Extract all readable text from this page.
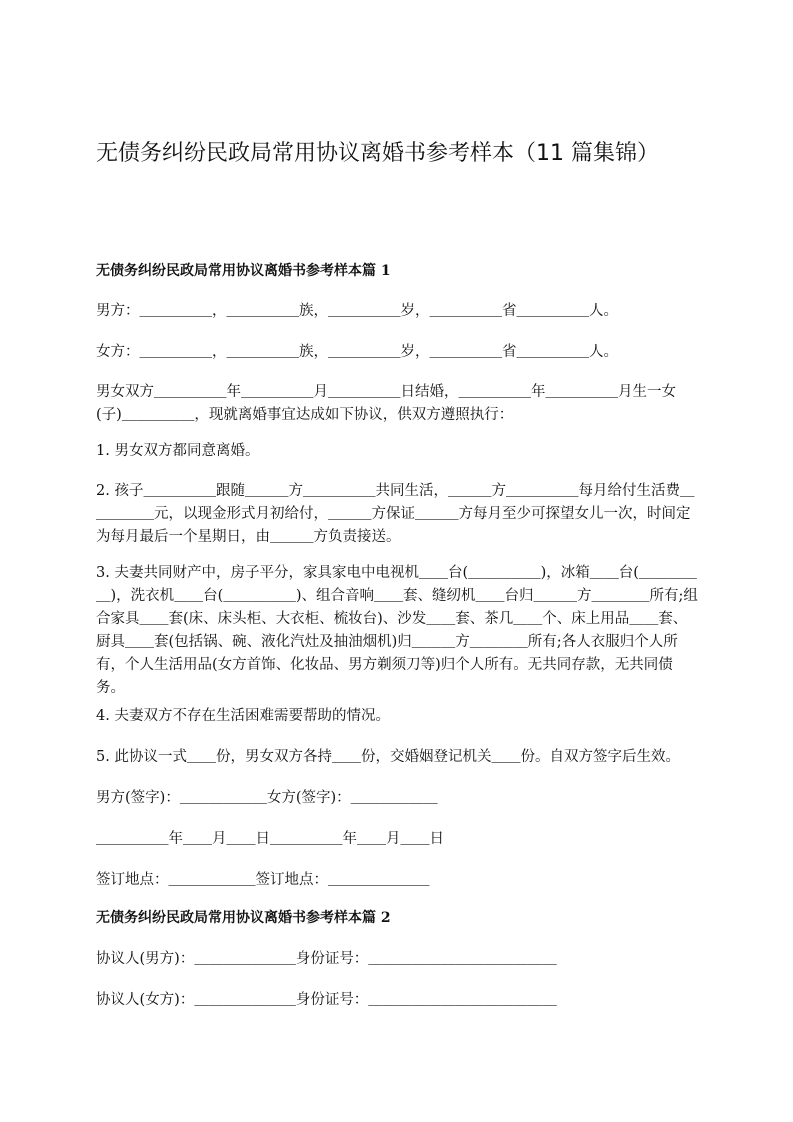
无债务纠纷民政局常用协议离婚书参考样本（11 篇集锦）
无债务纠纷民政局常用协议离婚书参考样本篇 1

男方：＿＿＿＿＿，＿＿＿＿＿族，＿＿＿＿＿岁，＿＿＿＿＿省＿＿＿＿＿人。

女方：＿＿＿＿＿，＿＿＿＿＿族，＿＿＿＿＿岁，＿＿＿＿＿省＿＿＿＿＿人。

男女双方＿＿＿＿＿年＿＿＿＿＿月＿＿＿＿＿日结婚，＿＿＿＿＿年＿＿＿＿＿月生一女(子)＿＿＿＿＿，现就离婚事宜达成如下协议，供双方遵照执行：

1. 男女双方都同意离婚。

2. 孩子＿＿＿＿＿跟随＿＿＿方＿＿＿＿＿共同生活，＿＿＿方＿＿＿＿＿每月给付生活费＿＿＿＿＿元，以现金形式月初给付，＿＿＿方保证＿＿＿方每月至少可探望女儿一次，时间定为每月最后一个星期日，由＿＿＿方负责接送。

3. 夫妻共同财产中，房子平分，家具家电中电视机＿＿台(＿＿＿＿＿)，冰箱＿＿台(＿＿＿＿＿)，洗衣机＿＿台(＿＿＿＿＿)、组合音响＿＿套、缝纫机＿＿台归＿＿＿方＿＿＿＿所有;组合家具＿＿套(床、床头柜、大衣柜、梳妆台)、沙发＿＿套、茶几＿＿个、床上用品＿＿套、厨具＿＿套(包括锅、碗、液化汽灶及抽油烟机)归＿＿＿方＿＿＿＿所有;各人衣服归个人所有，个人生活用品(女方首饰、化妆品、男方剃须刀等)归个人所有。无共同存款，无共同债务。

4. 夫妻双方不存在生活困难需要帮助的情况。

5. 此协议一式＿＿份，男女双方各持＿＿份，交婚姻登记机关＿＿份。自双方签字后生效。

男方(签字)：＿＿＿＿＿＿女方(签字)：＿＿＿＿＿＿

＿＿＿＿＿年＿＿月＿＿日＿＿＿＿＿年＿＿月＿＿日

签订地点：＿＿＿＿＿＿签订地点：＿＿＿＿＿＿＿

无债务纠纷民政局常用协议离婚书参考样本篇 2

协议人(男方)：＿＿＿＿＿＿＿身份证号：＿＿＿＿＿＿＿＿＿＿＿＿＿

协议人(女方)：＿＿＿＿＿＿＿身份证号：＿＿＿＿＿＿＿＿＿＿＿＿＿
